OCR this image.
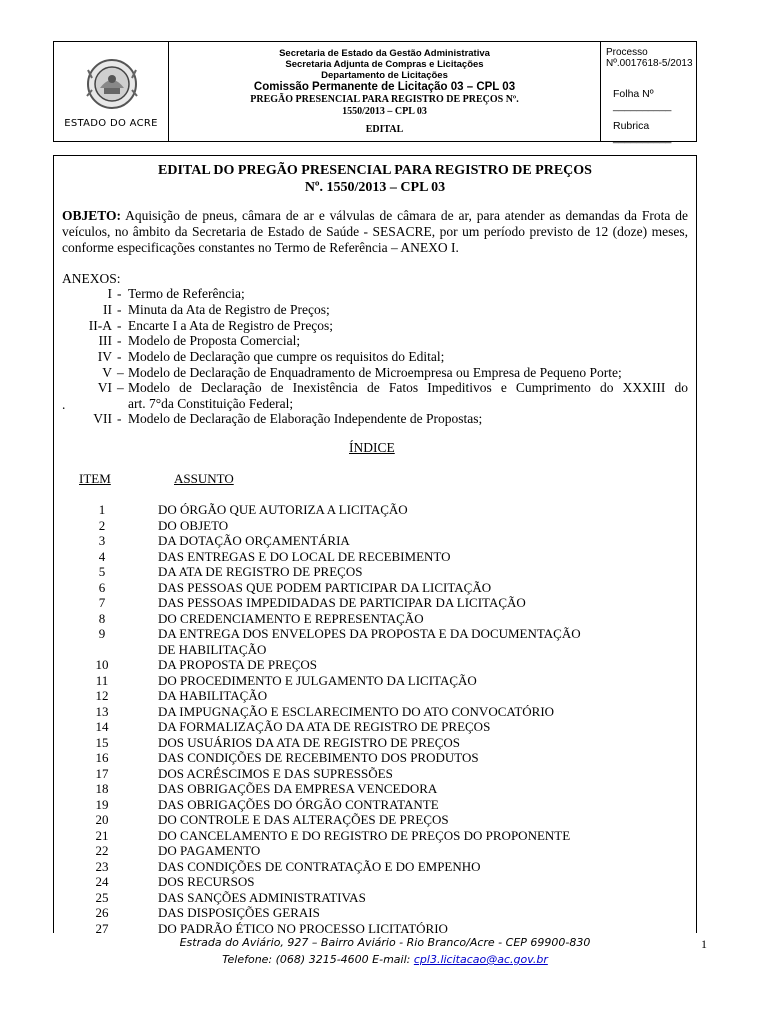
ESTADO DO ACRE
Secretaria de Estado da Gestão Administrativa
Secretaria Adjunta de Compras e Licitações
Departamento de Licitações
Comissão Permanente de Licitação 03 – CPL 03
PREGÃO PRESENCIAL PARA REGISTRO DE PREÇOS Nº.
1550/2013 – CPL 03
EDITAL
Processo Nº.0017618-5/2013
Folha Nº __________
Rubrica __________
EDITAL DO PREGÃO PRESENCIAL PARA REGISTRO DE PREÇOS
Nº. 1550/2013 – CPL 03
OBJETO: Aquisição de pneus, câmara de ar e válvulas de câmara de ar, para atender as demandas da Frota de veículos, no âmbito da Secretaria de Estado de Saúde - SESACRE, por um período previsto de 12 (doze) meses, conforme especificações constantes no Termo de Referência – ANEXO I.
ANEXOS:
I - Termo de Referência;
II - Minuta da Ata de Registro de Preços;
II-A - Encarte I a Ata de Registro de Preços;
III - Modelo de Proposta Comercial;
IV - Modelo de Declaração que cumpre os requisitos do Edital;
V – Modelo de Declaração de Enquadramento de Microempresa ou Empresa de Pequeno Porte;
VI – Modelo de Declaração de Inexistência de Fatos Impeditivos e Cumprimento do XXXIII do
art. 7°da Constituição Federal;
VII - Modelo de Declaração de Elaboração Independente de Propostas;
.
ÍNDICE
ITEM	ASSUNTO
1	DO ÓRGÃO QUE AUTORIZA A LICITAÇÃO
2	DO OBJETO
3	DA DOTAÇÃO ORÇAMENTÁRIA
4	DAS ENTREGAS E DO LOCAL DE RECEBIMENTO
5	DA ATA DE REGISTRO DE PREÇOS
6	DAS PESSOAS QUE PODEM PARTICIPAR DA LICITAÇÃO
7	DAS PESSOAS IMPEDIDADAS DE PARTICIPAR DA LICITAÇÃO
8	DO CREDENCIAMENTO E REPRESENTAÇÃO
9	DA ENTREGA DOS ENVELOPES DA PROPOSTA E DA DOCUMENTAÇÃO
DE HABILITAÇÃO
10	DA PROPOSTA DE PREÇOS
11	DO PROCEDIMENTO E JULGAMENTO DA LICITAÇÃO
12	DA HABILITAÇÃO
13	DA IMPUGNAÇÃO E ESCLARECIMENTO DO ATO CONVOCATÓRIO
14	DA FORMALIZAÇÃO DA ATA DE REGISTRO DE PREÇOS
15	DOS USUÁRIOS DA ATA DE REGISTRO DE PREÇOS
16	DAS CONDIÇÕES DE RECEBIMENTO DOS PRODUTOS
17	DOS ACRÉSCIMOS E DAS SUPRESSÕES
18	DAS OBRIGAÇÕES DA EMPRESA VENCEDORA
19	DAS OBRIGAÇÕES DO ÓRGÃO CONTRATANTE
20	DO CONTROLE E DAS ALTERAÇÕES DE PREÇOS
21	DO CANCELAMENTO E DO REGISTRO DE PREÇOS DO PROPONENTE
22	DO PAGAMENTO
23	DAS CONDIÇÕES DE CONTRATAÇÃO E DO EMPENHO
24	DOS RECURSOS
25	DAS SANÇÕES ADMINISTRATIVAS
26	DAS DISPOSIÇÕES GERAIS
27	DO PADRÃO ÉTICO NO PROCESSO LICITATÓRIO
Estrada do Aviário, 927 – Bairro Aviário - Rio Branco/Acre - CEP 69900-830
Telefone: (068) 3215-4600 E-mail: cpl3.licitacao@ac.gov.br
1
